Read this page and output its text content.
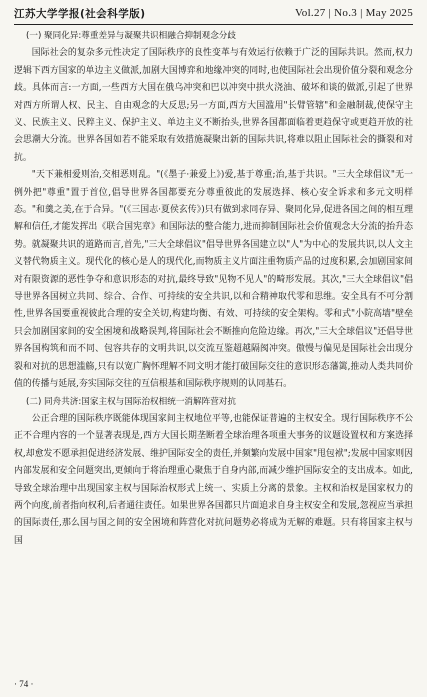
江苏大学学报(社会科学版)	Vol.27 | No.3 | May 2025
(一) 聚同化异:尊重差异与凝聚共识相融合抑制观念分歧

国际社会的复杂多元性决定了国际秩序的良性变革与有效运行依赖于广泛的国际共识。然而,权力逻辑下西方国家的单边主义做派,加剧大国博弈和地缘冲突的同时,也使国际社会出现价值分裂和观念分歧。具体而言:一方面,一些西方大国在俄乌冲突和巴以冲突中拱火浇油、破坏和谈的做派,引起了世界对西方所谓人权、民主、自由观念的大反思;另一方面,西方大国滥用"长臂管辖"和金融制裁,使保守主义、民族主义、民粹主义、保护主义、单边主义不断抬头,世界各国都面临着更趋保守或更趋开放的社会思潮大分流。世界各国如若不能采取有效措施凝聚出新的国际共识,将难以阻止国际社会的撕裂和对抗。

"天下兼相爱则治,交相恶则乱。"(《墨子·兼爱上》)爱,基于尊重;治,基于共识。"三大全球倡议"无一例外把"尊重"置于首位,倡导世界各国都要充分尊重彼此的发展选择、核心安全诉求和多元文明样态。"和羹之美,在于合异。"(《三国志·夏侯玄传》)只有做到求同存异、聚同化异,促进各国之间的相互理解和信任,才能发挥出《联合国宪章》和国际法的整合能力,进而抑制国际社会价值观念大分流的抬升态势。就凝聚共识的道路而言,首先,"三大全球倡议"倡导世界各国建立以"人"为中心的发展共识,以人文主义替代物质主义。现代化的核心是人的现代化,而物质主义片面注重物质产品的过度积累,会加剧国家间对有限资源的恶性争夺和意识形态的对抗,最终导致"见物不见人"的畸形发展。其次,"三大全球倡议"倡导世界各国树立共同、综合、合作、可持续的安全共识,以和合精神取代零和思维。安全具有不可分割性,世界各国要重视彼此合理的安全关切,构建均衡、有效、可持续的安全架构。零和式"小院高墙"壁垒只会加剧国家间的安全困境和战略误判,将国际社会不断推向危险边缘。再次,"三大全球倡议"还倡导世界各国构筑和而不同、包容共存的文明共识,以交流互鉴超越隔阂冲突。傲慢与偏见是国际社会出现分裂和对抗的思想滥觞,只有以宽广胸怀理解不同文明才能打破国际交往的意识形态藩篱,推动人类共同价值的传播与延展,夯实国际交往的互信根基和国际秩序规则的认同基石。

(二) 同舟共济:国家主权与国际治权相统一消解阵营对抗

公正合理的国际秩序既能体现国家间主权地位平等,也能保证普遍的主权安全。现行国际秩序不公正不合理内容的一个显著表现是,西方大国长期垄断着全球治理各项重大事务的议题设置权和方案选择权,却愈发不愿承担促进经济发展、维护国际安全的责任,并频繁向发展中国家"甩包袱";发展中国家则因内部发展和安全问题突出,更倾向于将治理重心聚焦于自身内部,而减少维护国际安全的支出成本。如此,导致全球治理中出现国家主权与国际治权形式上统一、实质上分离的景象。主权和治权是国家权力的两个向度,前者指向权利,后者通往责任。如果世界各国都只片面追求自身主权安全和发展,忽视应当承担的国际责任,那么国与国之间的安全困境和阵营化对抗问题势必将成为无解的难题。只有将国家主权与国

· 74 ·
